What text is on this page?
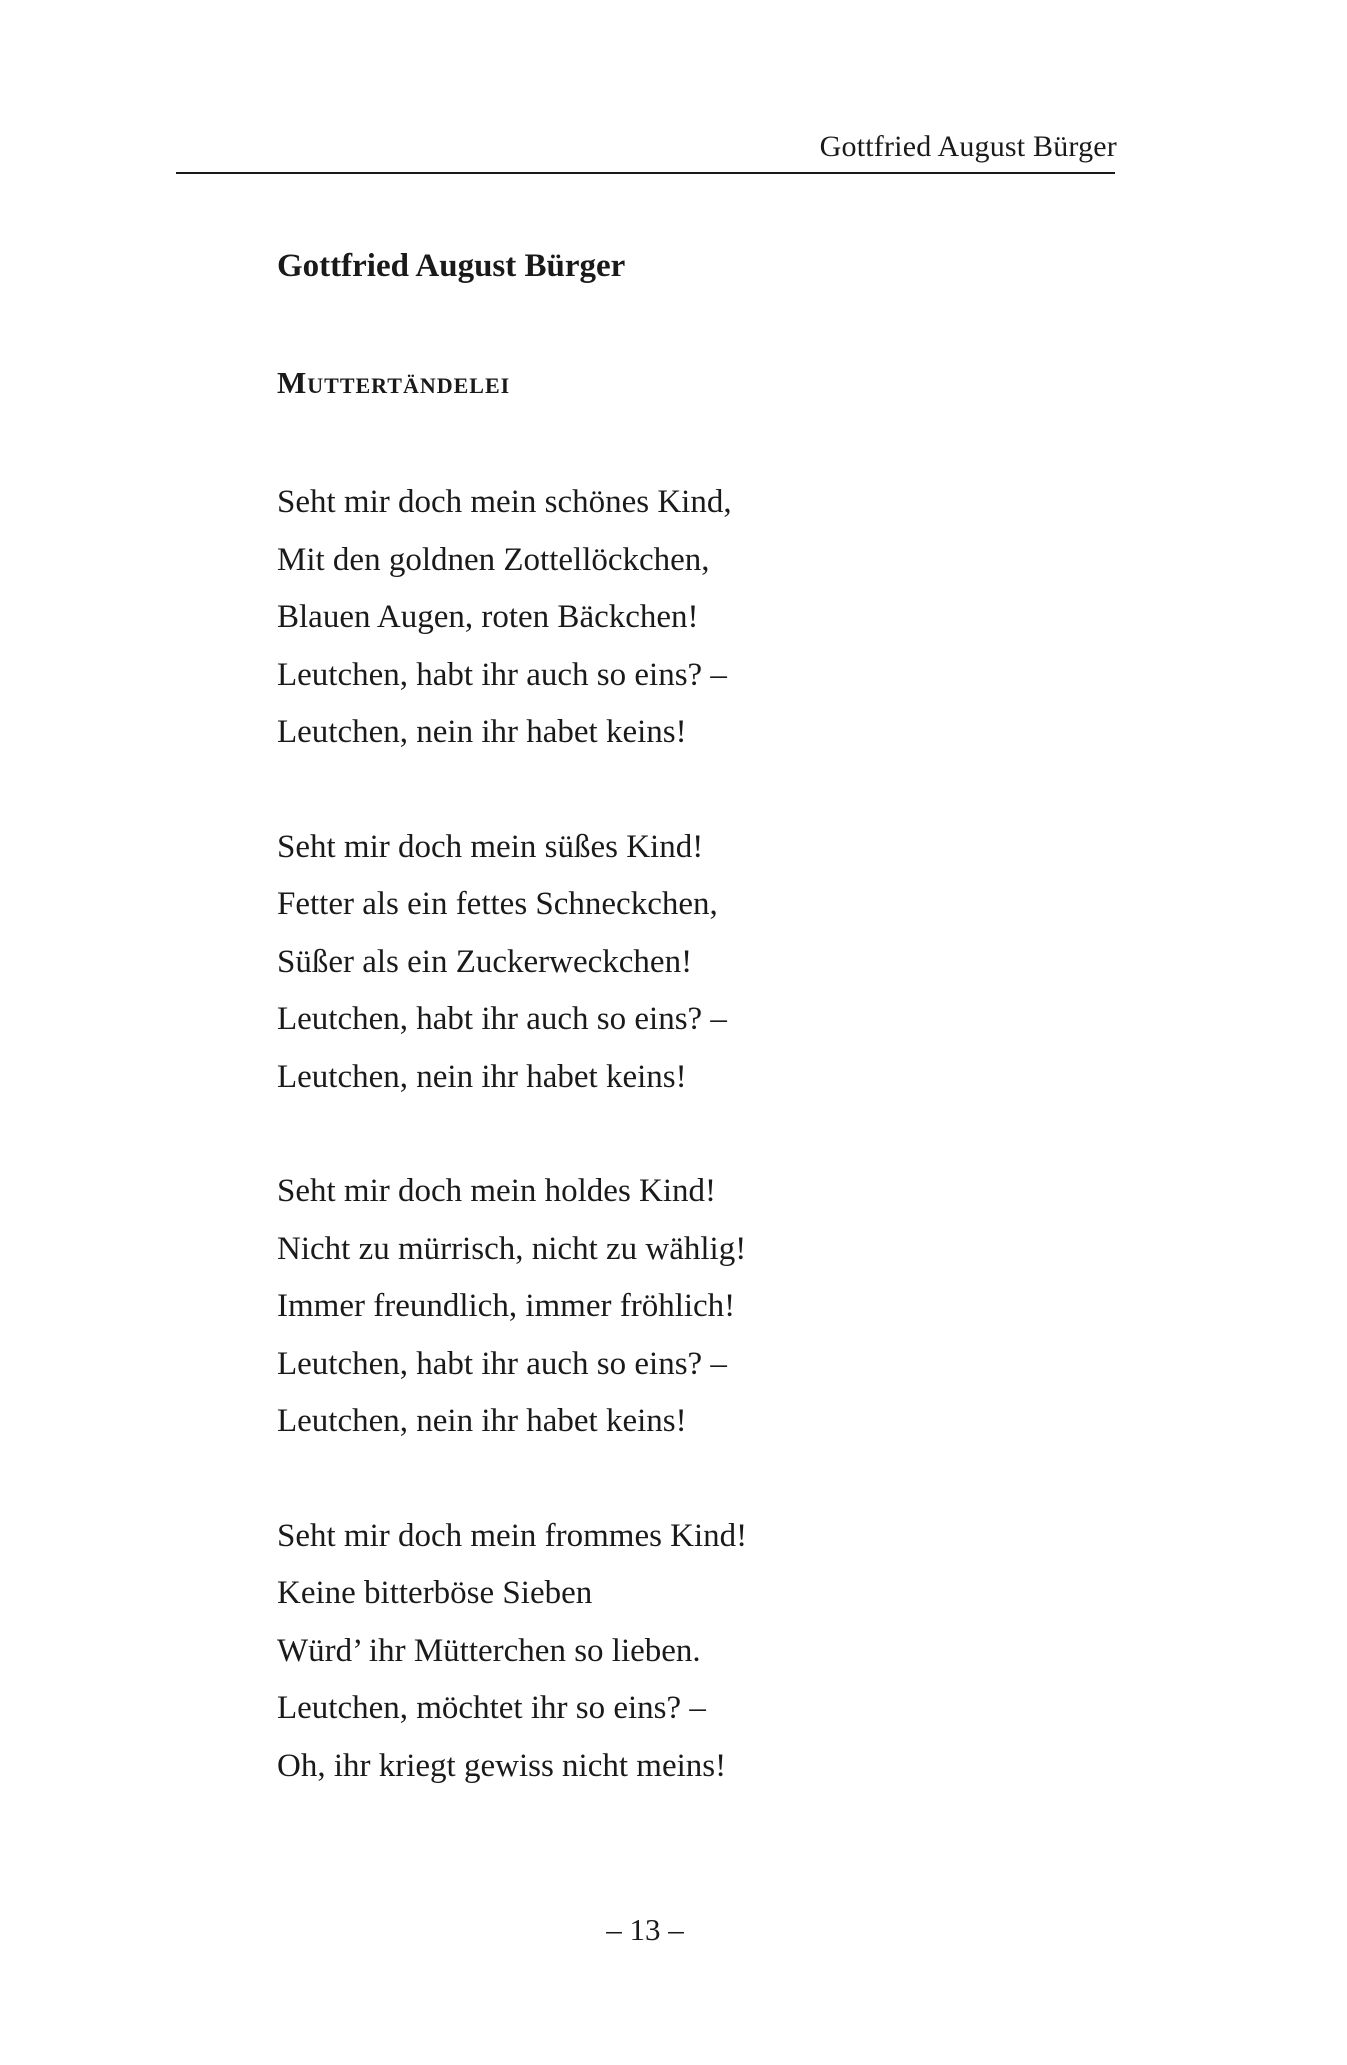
Gottfried August Bürger
Gottfried August Bürger
Muttertändelei
Seht mir doch mein schönes Kind,
Mit den goldnen Zottellöckchen,
Blauen Augen, roten Bäckchen!
Leutchen, habt ihr auch so eins? –
Leutchen, nein ihr habet keins!
Seht mir doch mein süßes Kind!
Fetter als ein fettes Schneckchen,
Süßer als ein Zuckerweckchen!
Leutchen, habt ihr auch so eins? –
Leutchen, nein ihr habet keins!
Seht mir doch mein holdes Kind!
Nicht zu mürrisch, nicht zu wählig!
Immer freundlich, immer fröhlich!
Leutchen, habt ihr auch so eins? –
Leutchen, nein ihr habet keins!
Seht mir doch mein frommes Kind!
Keine bitterböse Sieben
Würd’ ihr Mütterchen so lieben.
Leutchen, möchtet ihr so eins? –
Oh, ihr kriegt gewiss nicht meins!
– 13 –
